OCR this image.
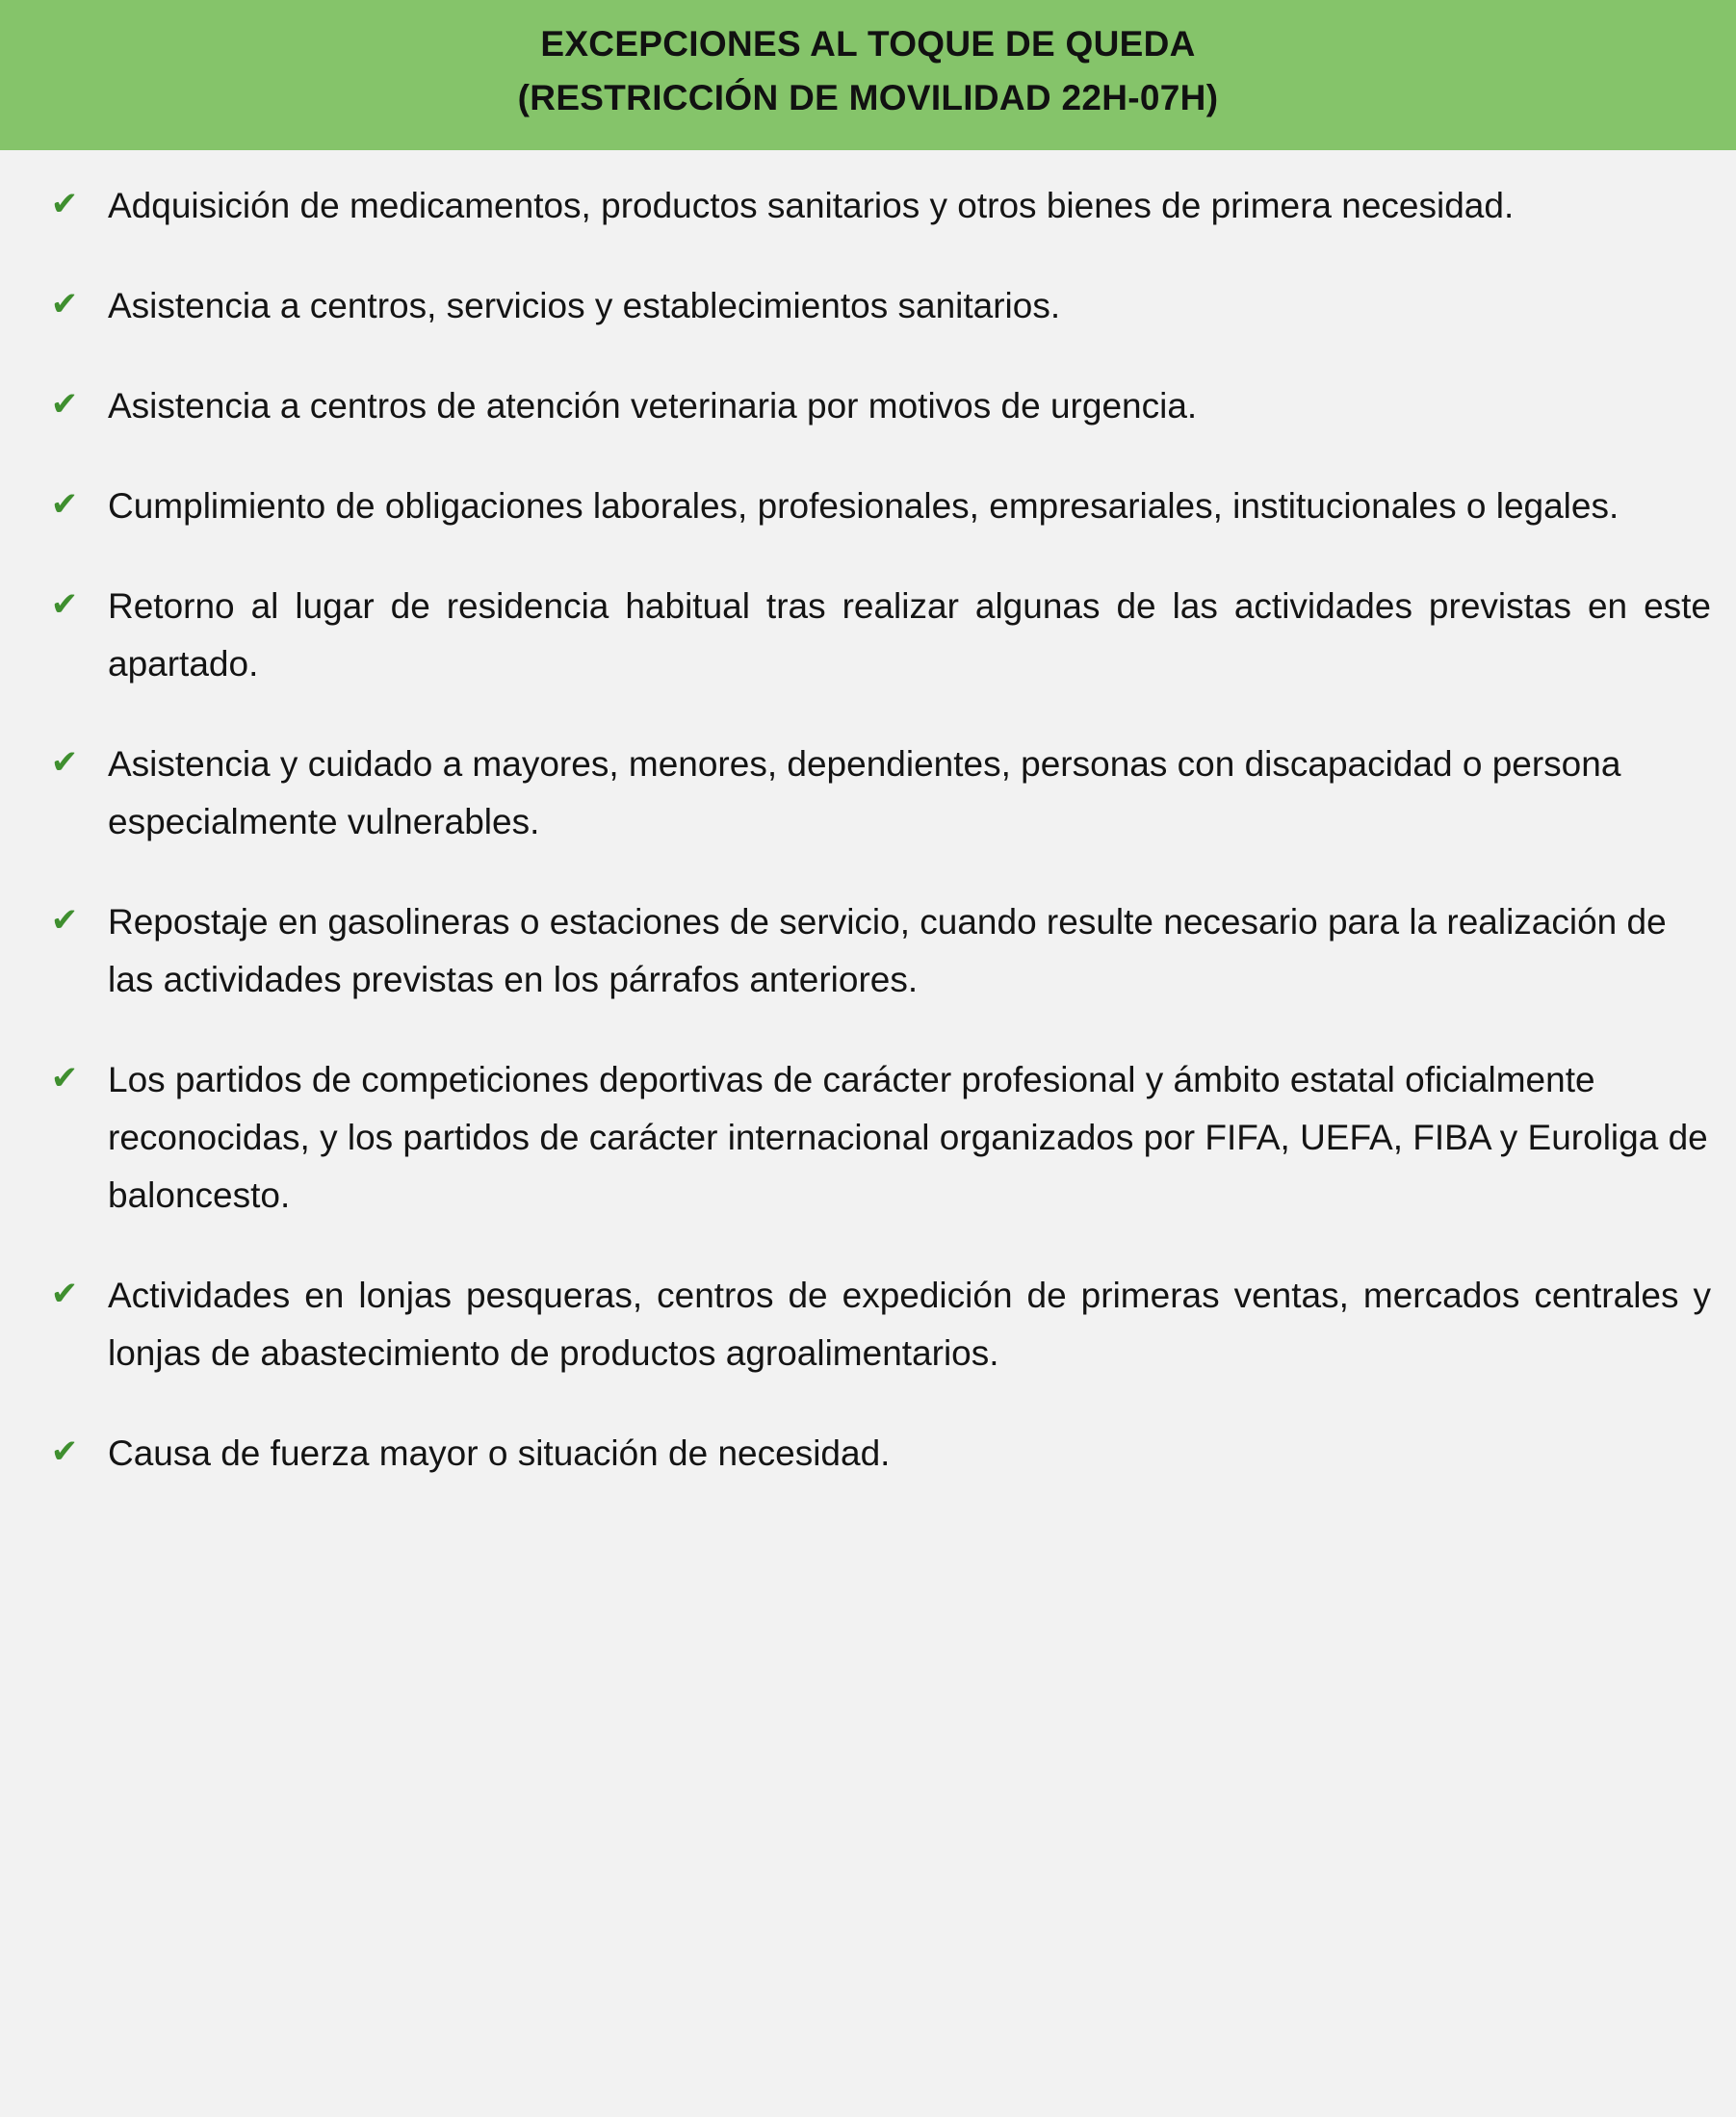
EXCEPCIONES AL TOQUE DE QUEDA
(RESTRICCIÓN DE MOVILIDAD 22H-07H)
✔ Adquisición de medicamentos, productos sanitarios y otros bienes de primera necesidad.
✔ Asistencia a centros, servicios y establecimientos sanitarios.
✔ Asistencia a centros de atención veterinaria por motivos de urgencia.
✔ Cumplimiento de obligaciones laborales, profesionales, empresariales, institucionales o legales.
✔ Retorno al lugar de residencia habitual tras realizar algunas de las actividades previstas en este apartado.
✔ Asistencia y cuidado a mayores, menores, dependientes, personas con discapacidad o persona especialmente vulnerables.
✔ Repostaje en gasolineras o estaciones de servicio, cuando resulte necesario para la realización de las actividades previstas en los párrafos anteriores.
✔ Los partidos de competiciones deportivas de carácter profesional y ámbito estatal oficialmente reconocidas, y los partidos de carácter internacional organizados por FIFA, UEFA, FIBA y Euroliga de baloncesto.
✔ Actividades en lonjas pesqueras, centros de expedición de primeras ventas, mercados centrales y lonjas de abastecimiento de productos agroalimentarios.
✔ Causa de fuerza mayor o situación de necesidad.
